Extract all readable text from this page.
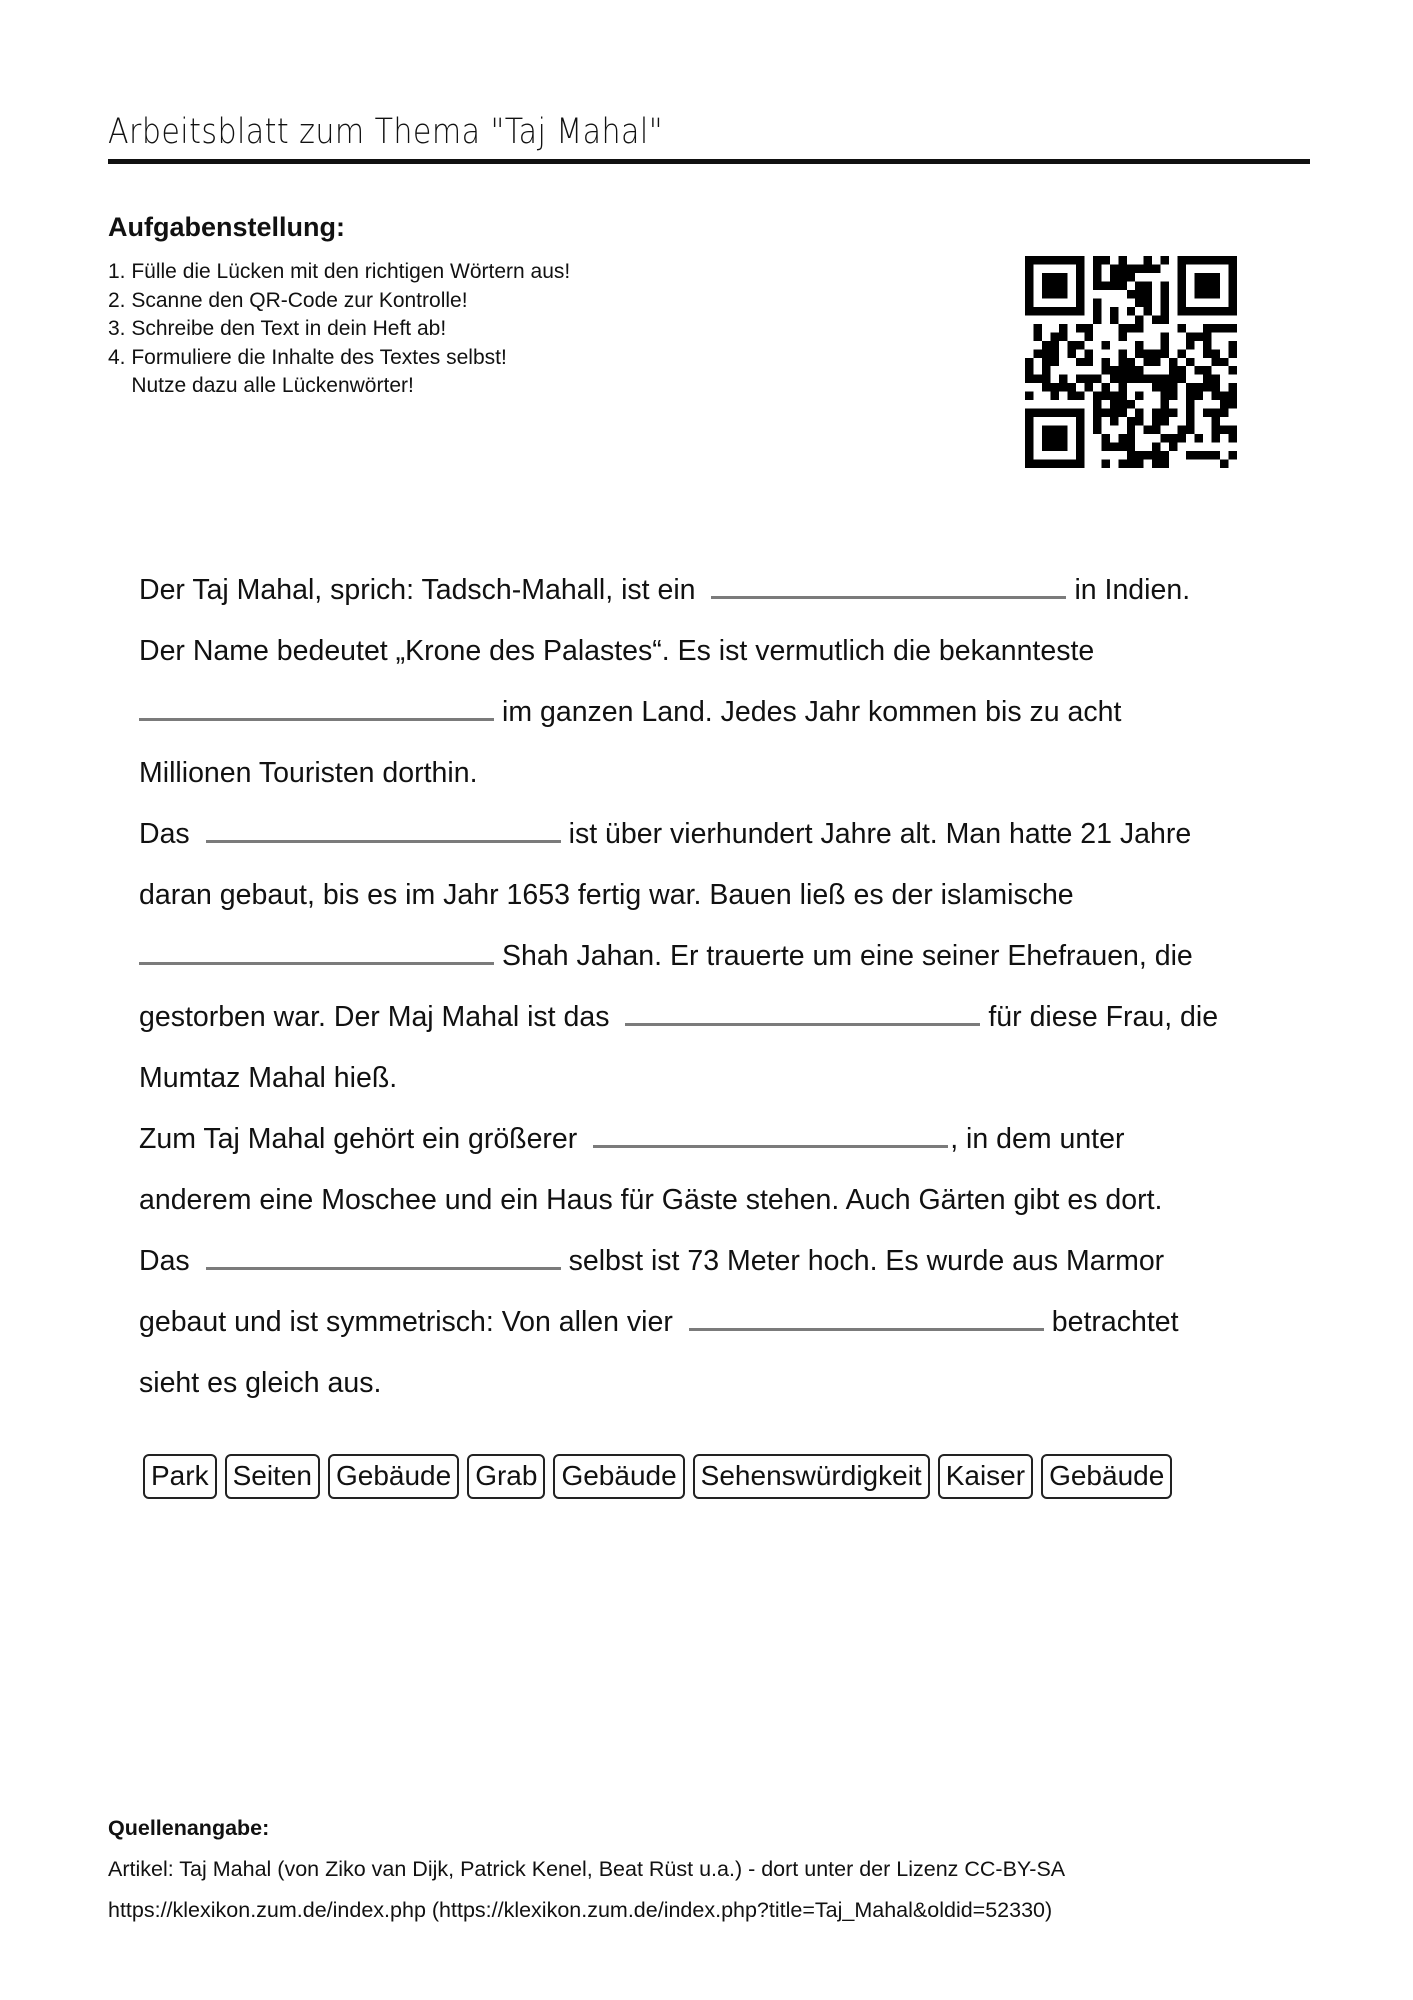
Arbeitsblatt zum Thema "Taj Mahal"
Aufgabenstellung:
1. Fülle die Lücken mit den richtigen Wörtern aus!
2. Scanne den QR-Code zur Kontrolle!
3. Schreibe den Text in dein Heft ab!
4. Formuliere die Inhalte des Textes selbst!
Nutze dazu alle Lückenwörter!
Der Taj Mahal, sprich: Tadsch-Mahall, ist ein	in Indien.
Der Name bedeutet „Krone des Palastes“. Es ist vermutlich die bekannteste
im ganzen Land. Jedes Jahr kommen bis zu acht
Millionen Touristen dorthin.
Das	ist über vierhundert Jahre alt. Man hatte 21 Jahre
daran gebaut, bis es im Jahr 1653 fertig war. Bauen ließ es der islamische
Shah Jahan. Er trauerte um eine seiner Ehefrauen, die
gestorben war. Der Maj Mahal ist das	für diese Frau, die
Mumtaz Mahal hieß.
Zum Taj Mahal gehört ein größerer	, in dem unter
anderem eine Moschee und ein Haus für Gäste stehen. Auch Gärten gibt es dort.
Das	selbst ist 73 Meter hoch. Es wurde aus Marmor
gebaut und ist symmetrisch: Von allen vier	betrachtet
sieht es gleich aus.
Park Seiten Gebäude Grab Gebäude Sehenswürdigkeit Kaiser Gebäude
Quellenangabe:
Artikel: Taj Mahal (von Ziko van Dijk, Patrick Kenel, Beat Rüst u.a.) - dort unter der Lizenz CC-BY-SA
https://klexikon.zum.de/index.php (https://klexikon.zum.de/index.php?title=Taj_Mahal&oldid=52330)
